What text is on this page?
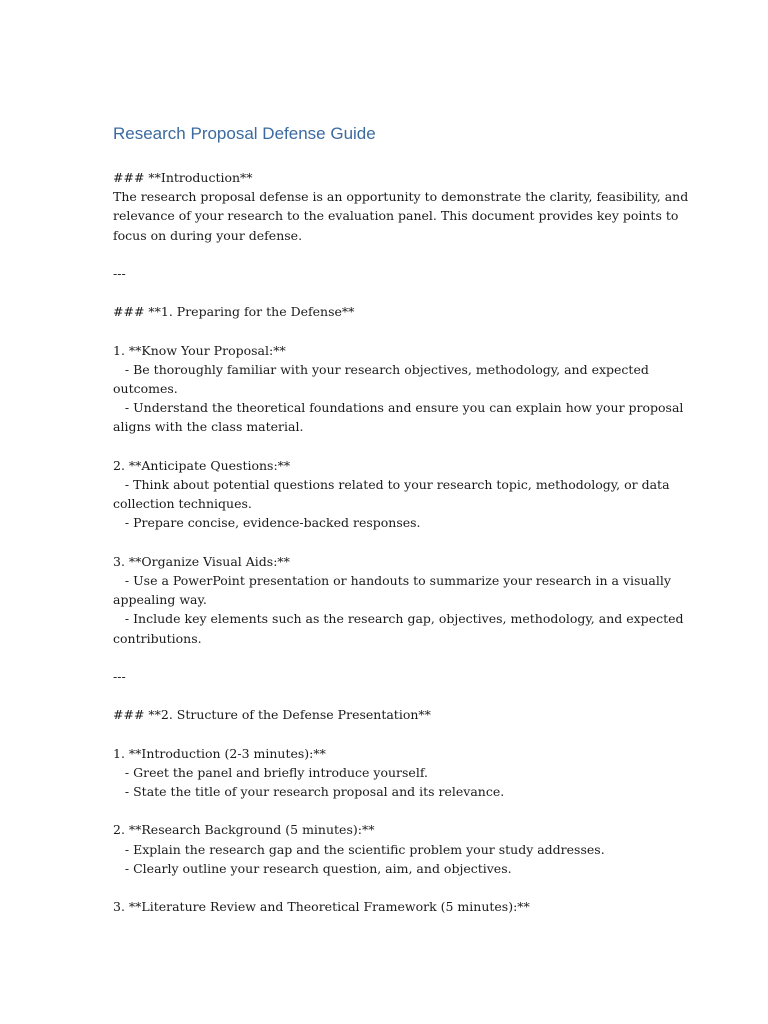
Research Proposal Defense Guide
### **Introduction**
The research proposal defense is an opportunity to demonstrate the clarity, feasibility, and
relevance of your research to the evaluation panel. This document provides key points to
focus on during your defense.
---
### **1. Preparing for the Defense**
1. **Know Your Proposal:**
- Be thoroughly familiar with your research objectives, methodology, and expected
outcomes.
- Understand the theoretical foundations and ensure you can explain how your proposal
aligns with the class material.
2. **Anticipate Questions:**
- Think about potential questions related to your research topic, methodology, or data
collection techniques.
- Prepare concise, evidence-backed responses.
3. **Organize Visual Aids:**
- Use a PowerPoint presentation or handouts to summarize your research in a visually
appealing way.
- Include key elements such as the research gap, objectives, methodology, and expected
contributions.
---
### **2. Structure of the Defense Presentation**
1. **Introduction (2-3 minutes):**
- Greet the panel and briefly introduce yourself.
- State the title of your research proposal and its relevance.
2. **Research Background (5 minutes):**
- Explain the research gap and the scientific problem your study addresses.
- Clearly outline your research question, aim, and objectives.
3. **Literature Review and Theoretical Framework (5 minutes):**
